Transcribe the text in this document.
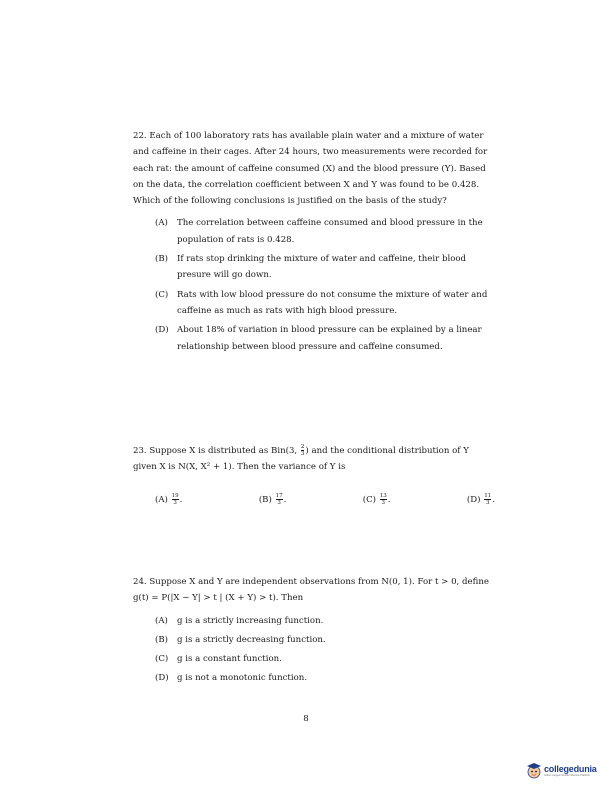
22. Each of 100 laboratory rats has available plain water and a mixture of water and caffeine in their cages. After 24 hours, two measurements were recorded for each rat: the amount of caffeine consumed (X) and the blood pressure (Y). Based on the data, the correlation coefficient between X and Y was found to be 0.428. Which of the following conclusions is justified on the basis of the study?

(A)	The correlation between caffeine consumed and blood pressure in the population of rats is 0.428.
(B)	If rats stop drinking the mixture of water and caffeine, their blood presure will go down.
(C)	Rats with low blood pressure do not consume the mixture of water and caffeine as much as rats with high blood pressure.
(D) About 18% of variation in blood pressure can be explained by a linear relationship between blood pressure and caffeine consumed.

23. Suppose X is distributed as Bin(3, $\frac{2}{3}$ ) and the conditional distribution of Y given X is N(X, X² + 1). Then the variance of Y is

$(A) \frac{19}{3}$ .	$(B) \frac{17}{3}$ .	$(C) \frac{13}{3}$ .	$(D) \frac{11}{3}$ .

24. Suppose X and Y are independent observations from N(0, 1). For t > 0, define g(t) = P(|X − Y| > t | (X + Y) > t). Then

(A)	g is a strictly increasing function.
(B)	g is a strictly decreasing function.
(C)	g is a constant function.
(D) g is not a monotonic function.
8
collegedunia
India's Largest Student Review Platform
